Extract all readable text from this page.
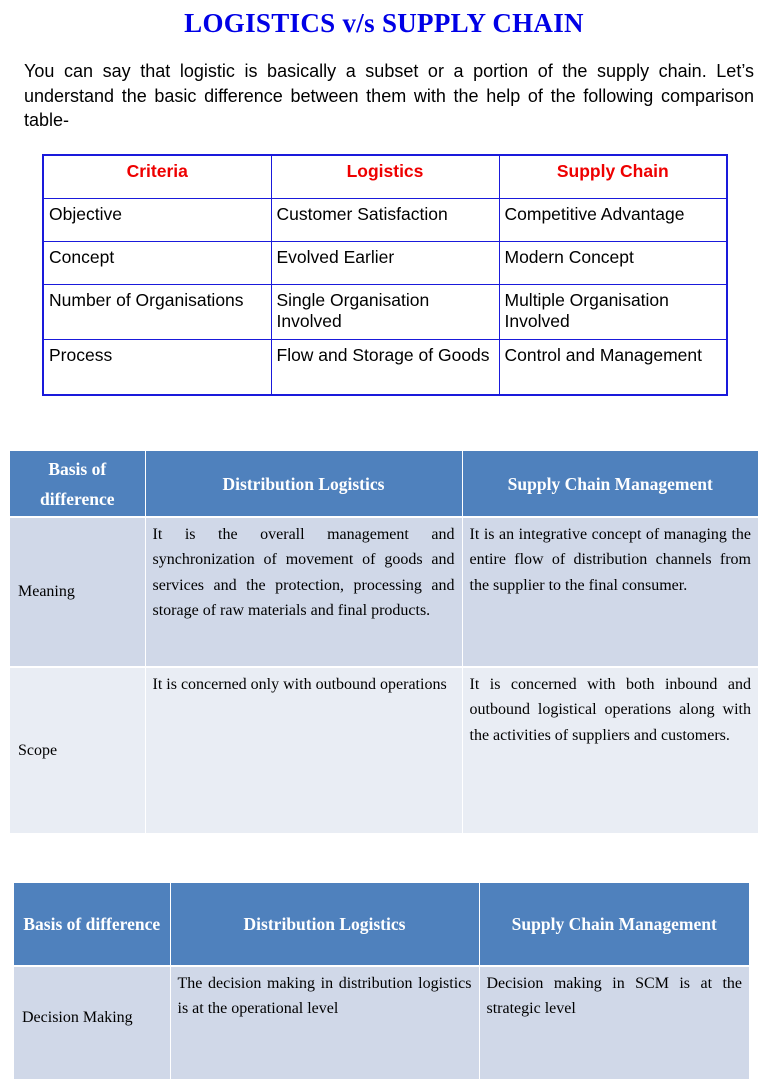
LOGISTICS v/s SUPPLY CHAIN

You can say that logistic is basically a subset or a portion of the supply chain. Let’s understand the basic difference between them with the help of the following comparison table-

Criteria	Logistics	Supply Chain
Objective	Customer Satisfaction	Competitive Advantage
Concept	Evolved Earlier	Modern Concept
Number of Organisations	Single Organisation Involved	Multiple Organisation Involved
Process	Flow and Storage of Goods	Control and Management
Basis of difference	Distribution Logistics	Supply Chain Management
Meaning	It is the overall management and synchronization of movement of goods and services and the protection, processing and storage of raw materials and final products.	It is an integrative concept of managing the entire flow of distribution channels from the supplier to the final consumer.
Scope	It is concerned only with outbound operations	It is concerned with both inbound and outbound logistical operations along with the activities of suppliers and customers.
Basis of difference	Distribution Logistics	Supply Chain Management
Decision Making	The decision making in distribution logistics is at the operational level	Decision making in SCM is at the strategic level
